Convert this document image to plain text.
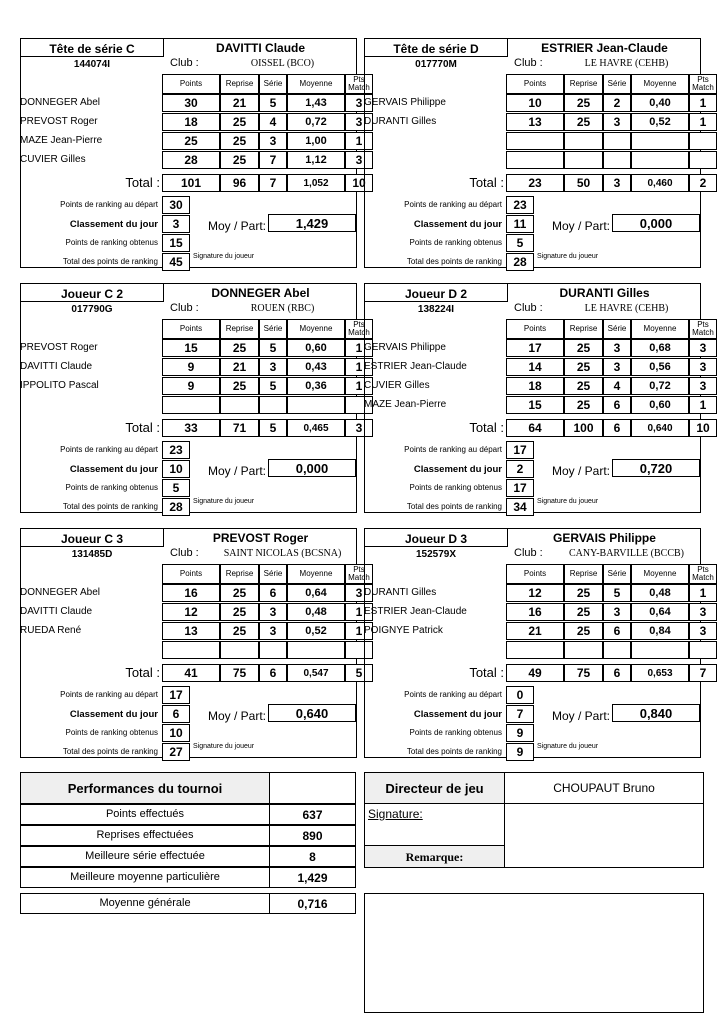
Tête de série C	DAVITTI Claude
144074I	Club :	OISSEL (BCO)
Points	Reprise	Série	Moyenne	Pts
Match
DONNEGER Abel	30	21	5	1,43	3
PREVOST Roger	18	25	4	0,72	3
MAZE Jean-Pierre	25	25	3	1,00	1
CUVIER Gilles	28	25	7	1,12	3
Total :	101	96	7	1,052	10
Points de ranking au départ 30
Classement du jour	3
Points de ranking obtenus 15
Total des points de ranking 45
Moy / Part:	1,429
Signature du joueur
Tête de série D	ESTRIER Jean-Claude
017770M	Club :	LE HAVRE (CEHB)
Points	Reprise	Série	Moyenne	Pts
Match
GERVAIS Philippe	10	25	2	0,40	1
DURANTI Gilles	13	25	3	0,52	1
Total :	23	50	3	0,460	2
Points de ranking au départ 23
Classement du jour 11
Points de ranking obtenus	5
Total des points de ranking 28
Moy / Part:	0,000
Signature du joueur
Joueur C 2	DONNEGER Abel
017790G	Club :	ROUEN (RBC)
Points	Reprise	Série	Moyenne	Pts
Match
PREVOST Roger	15	25	5	0,60	1
DAVITTI Claude	9	21	3	0,43	1
IPPOLITO Pascal	9	25	5	0,36	1
Total :	33	71	5	0,465	3
Points de ranking au départ 23
Classement du jour 10
Points de ranking obtenus	5
Total des points de ranking 28
Moy / Part:	0,000
Signature du joueur
Joueur D 2	DURANTI Gilles
138224I	Club :	LE HAVRE (CEHB)
Points	Reprise	Série	Moyenne	Pts
Match
GERVAIS Philippe	17	25	3	0,68	3
ESTRIER Jean-Claude	14	25	3	0,56	3
CUVIER Gilles	18	25	4	0,72	3
MAZE Jean-Pierre	15	25	6	0,60	1
Total :	64	100	6	0,640	10
Points de ranking au départ 17
Classement du jour	2
Points de ranking obtenus 17
Total des points de ranking 34
Moy / Part:	0,720
Signature du joueur
Joueur C 3	PREVOST Roger
131485D	Club :	SAINT NICOLAS (BCSNA)
Points	Reprise	Série	Moyenne	Pts
Match
DONNEGER Abel	16	25	6	0,64	3
DAVITTI Claude	12	25	3	0,48	1
RUEDA René	13	25	3	0,52	1
Total :	41	75	6	0,547	5
Points de ranking au départ 17
Classement du jour	6
Points de ranking obtenus 10
Total des points de ranking 27
Moy / Part:	0,640
Signature du joueur
Joueur D 3	GERVAIS Philippe
152579X	Club :	CANY-BARVILLE (BCCB)
Points	Reprise	Série	Moyenne	Pts
Match
DURANTI Gilles	12	25	5	0,48	1
ESTRIER Jean-Claude	16	25	3	0,64	3
POIGNYE Patrick	21	25	6	0,84	3
Total :	49	75	6	0,653	7
Points de ranking au départ	0
Classement du jour	7
Points de ranking obtenus	9
Total des points de ranking	9
Moy / Part:	0,840
Signature du joueur
Performances du tournoi
Points effectués	637
Reprises effectuées	890
Meilleure série effectuée	8
Meilleure moyenne particulière	1,429
Moyenne générale	0,716
Directeur de jeu	CHOUPAUT Bruno
Signature:
Remarque:
